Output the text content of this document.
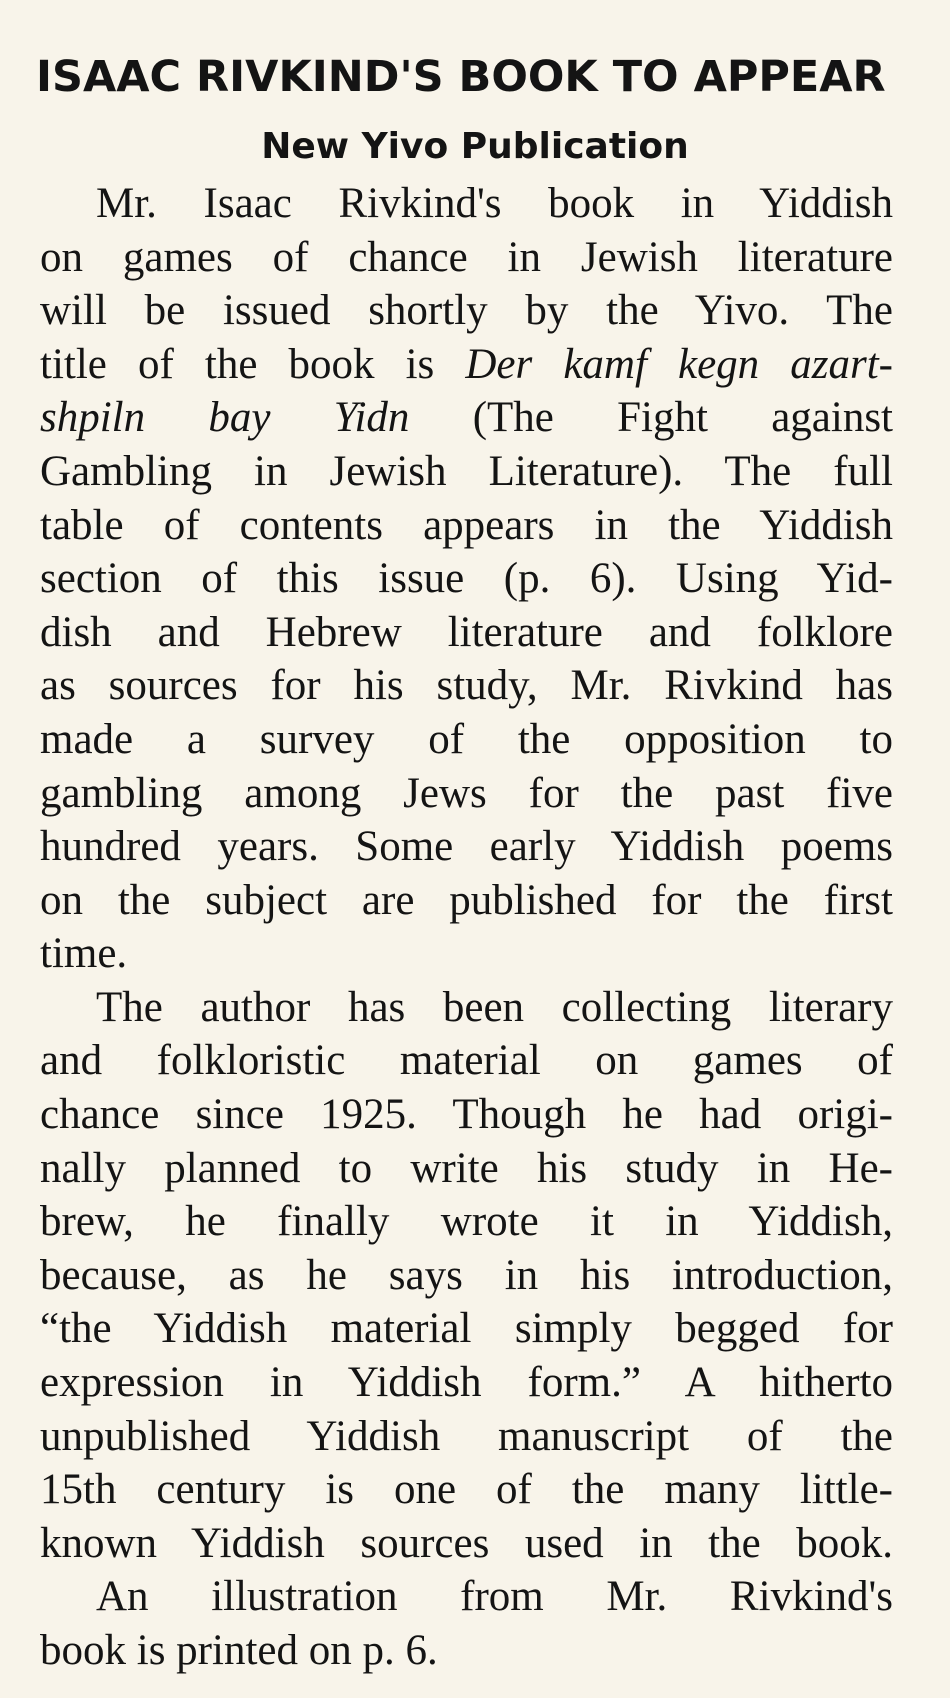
ISAAC RIVKIND'S BOOK TO APPEAR
New Yivo Publication

Mr. Isaac Rivkind's book in Yiddish

on games of chance in Jewish literature

will be issued shortly by the Yivo. The

title of the book is Der kamf kegn azart-

shpiln bay Yidn (The Fight against

Gambling in Jewish Literature). The full

table of contents appears in the Yiddish

section of this issue (p. 6). Using Yid-

dish and Hebrew literature and folklore

as sources for his study, Mr. Rivkind has

made a survey of the opposition to

gambling among Jews for the past five

hundred years. Some early Yiddish poems

on the subject are published for the first

time.

The author has been collecting literary

and folkloristic material on games of

chance since 1925. Though he had origi-

nally planned to write his study in He-

brew, he finally wrote it in Yiddish,

because, as he says in his introduction,

“the Yiddish material simply begged for

expression in Yiddish form.” A hitherto

unpublished Yiddish manuscript of the

15th century is one of the many little-

known Yiddish sources used in the book.

An illustration from Mr. Rivkind's

book is printed on p. 6.
